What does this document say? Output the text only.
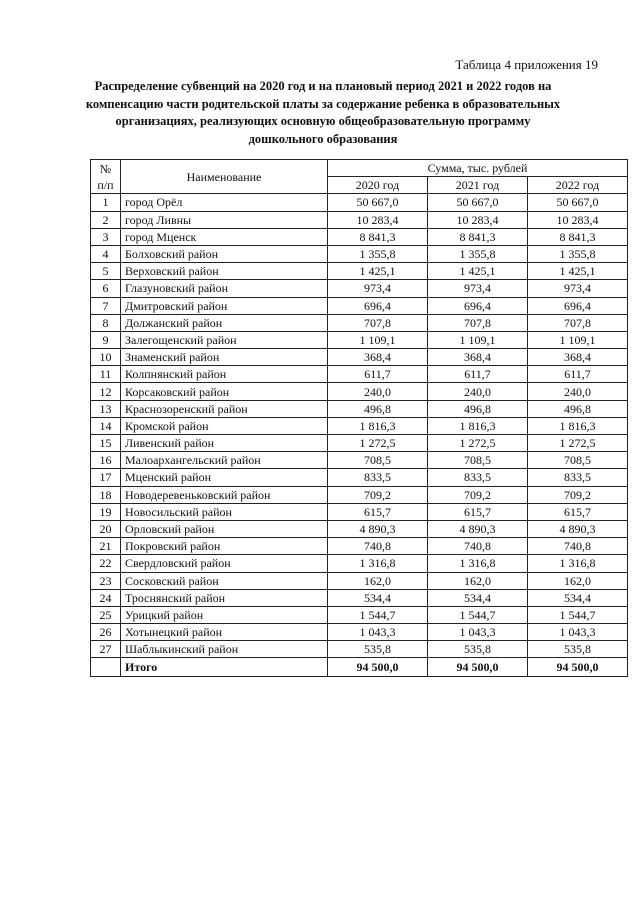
Таблица 4 приложения 19
Распределение субвенций на 2020 год и на плановый период 2021 и 2022 годов на компенсацию части родительской платы за содержание ребенка в образовательных организациях, реализующих основную общеобразовательную программу дошкольного образования
№ п/п	Наименование	Сумма, тыс. рублей		
		2020 год	2021 год	2022 год
1	город Орёл	50 667,0	50 667,0	50 667,0
2	город Ливны	10 283,4	10 283,4	10 283,4
3	город Мценск	8 841,3	8 841,3	8 841,3
4	Болховский район	1 355,8	1 355,8	1 355,8
5	Верховский район	1 425,1	1 425,1	1 425,1
6	Глазуновский район	973,4	973,4	973,4
7	Дмитровский район	696,4	696,4	696,4
8	Должанский район	707,8	707,8	707,8
9	Залегощенский район	1 109,1	1 109,1	1 109,1
10	Знаменский район	368,4	368,4	368,4
11	Колпнянский район	611,7	611,7	611,7
12	Корсаковский район	240,0	240,0	240,0
13	Краснозоренский район	496,8	496,8	496,8
14	Кромской район	1 816,3	1 816,3	1 816,3
15	Ливенский район	1 272,5	1 272,5	1 272,5
16	Малоархангельский район	708,5	708,5	708,5
17	Мценский район	833,5	833,5	833,5
18	Новодеревеньковский район	709,2	709,2	709,2
19	Новосильский район	615,7	615,7	615,7
20	Орловский район	4 890,3	4 890,3	4 890,3
21	Покровский район	740,8	740,8	740,8
22	Свердловский район	1 316,8	1 316,8	1 316,8
23	Сосковский район	162,0	162,0	162,0
24	Троснянский район	534,4	534,4	534,4
25	Урицкий район	1 544,7	1 544,7	1 544,7
26	Хотынецкий район	1 043,3	1 043,3	1 043,3
27	Шаблыкинский район	535,8	535,8	535,8
	Итого	94 500,0	94 500,0	94 500,0
